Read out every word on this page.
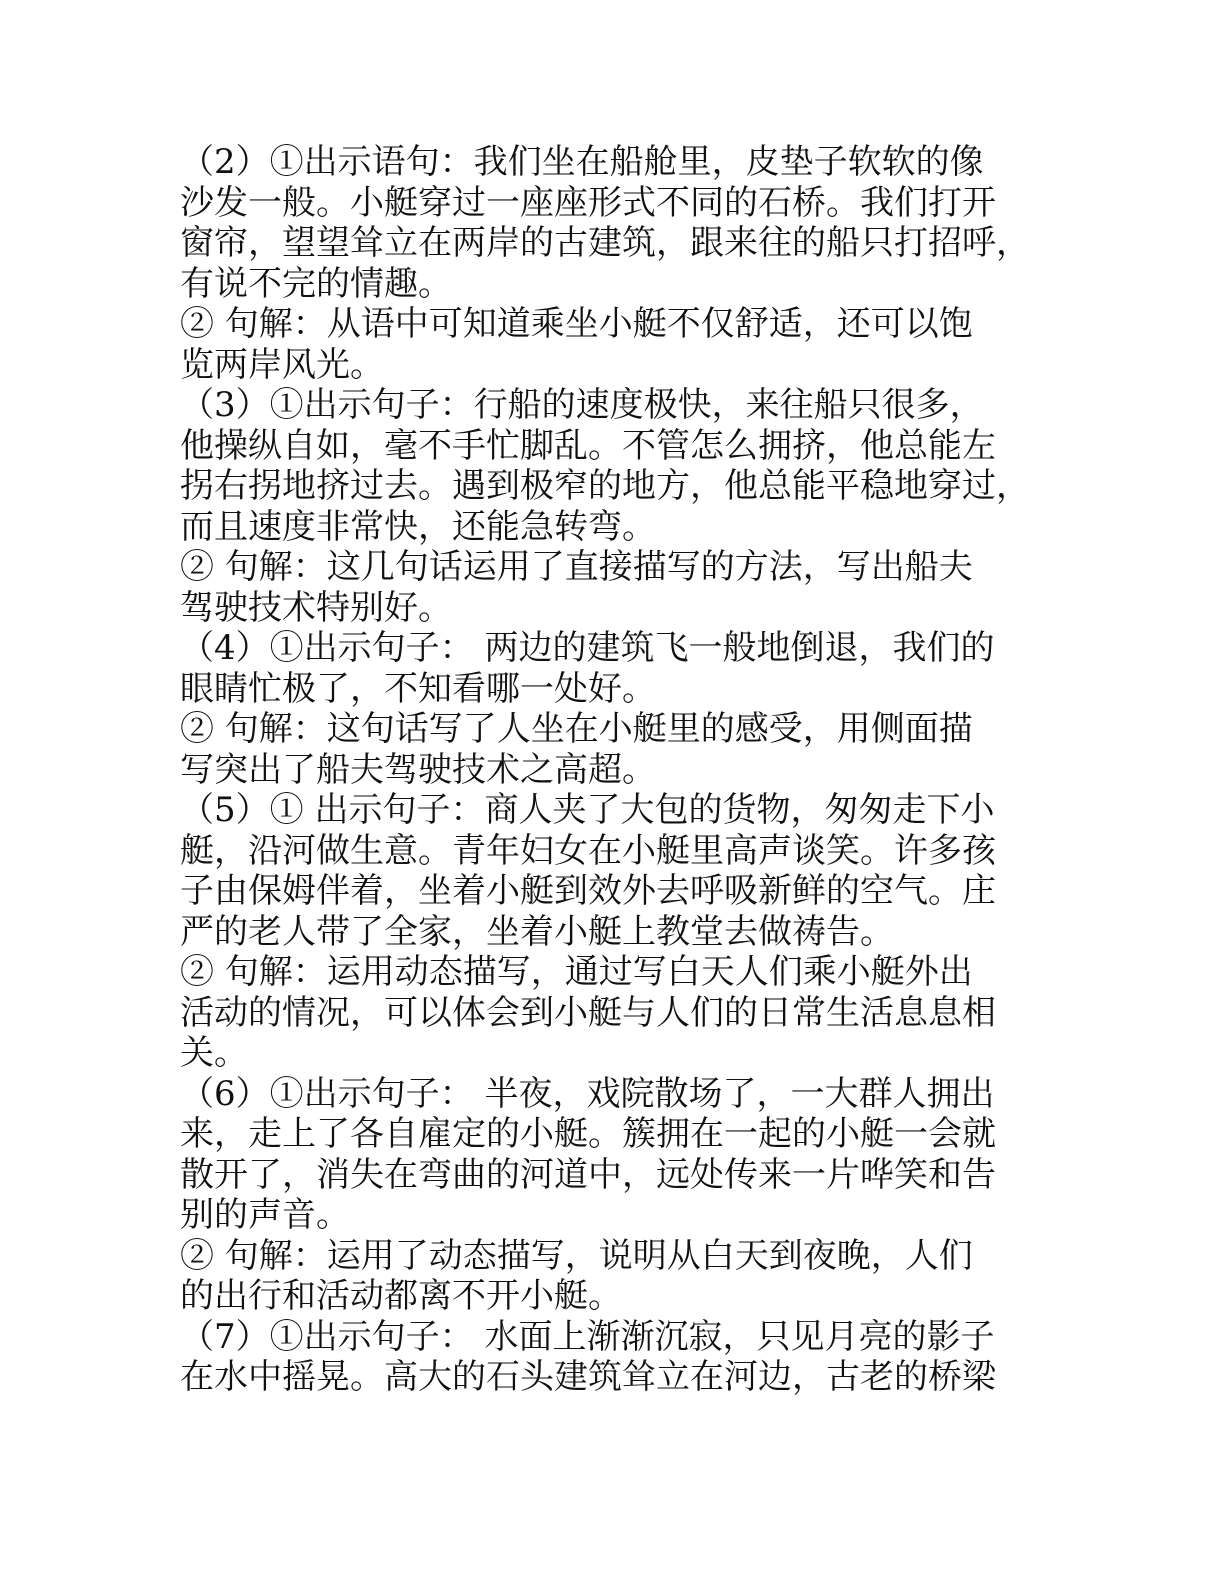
（2）①出示语句：我们坐在船舱里，皮垫子软软的像
沙发一般。小艇穿过一座座形式不同的石桥。我们打开
窗帘，望望耸立在两岸的古建筑，跟来往的船只打招呼，
有说不完的情趣。
② 句解：从语中可知道乘坐小艇不仅舒适，还可以饱
览两岸风光。
（3）①出示句子：行船的速度极快，来往船只很多，
他操纵自如，毫不手忙脚乱。不管怎么拥挤，他总能左
拐右拐地挤过去。遇到极窄的地方，他总能平稳地穿过，
而且速度非常快，还能急转弯。
② 句解：这几句话运用了直接描写的方法，写出船夫
驾驶技术特别好。
（4）①出示句子： 两边的建筑飞一般地倒退，我们的
眼睛忙极了，不知看哪一处好。
② 句解：这句话写了人坐在小艇里的感受，用侧面描
写突出了船夫驾驶技术之高超。
（5）① 出示句子：商人夹了大包的货物，匆匆走下小
艇，沿河做生意。青年妇女在小艇里高声谈笑。许多孩
子由保姆伴着，坐着小艇到效外去呼吸新鲜的空气。庄
严的老人带了全家，坐着小艇上教堂去做祷告。
② 句解：运用动态描写，通过写白天人们乘小艇外出
活动的情况，可以体会到小艇与人们的日常生活息息相
关。
（6）①出示句子： 半夜，戏院散场了，一大群人拥出
来，走上了各自雇定的小艇。簇拥在一起的小艇一会就
散开了，消失在弯曲的河道中，远处传来一片哗笑和告
别的声音。
② 句解：运用了动态描写，说明从白天到夜晚，人们
的出行和活动都离不开小艇。
（7）①出示句子： 水面上渐渐沉寂，只见月亮的影子
在水中摇晃。高大的石头建筑耸立在河边，古老的桥梁
